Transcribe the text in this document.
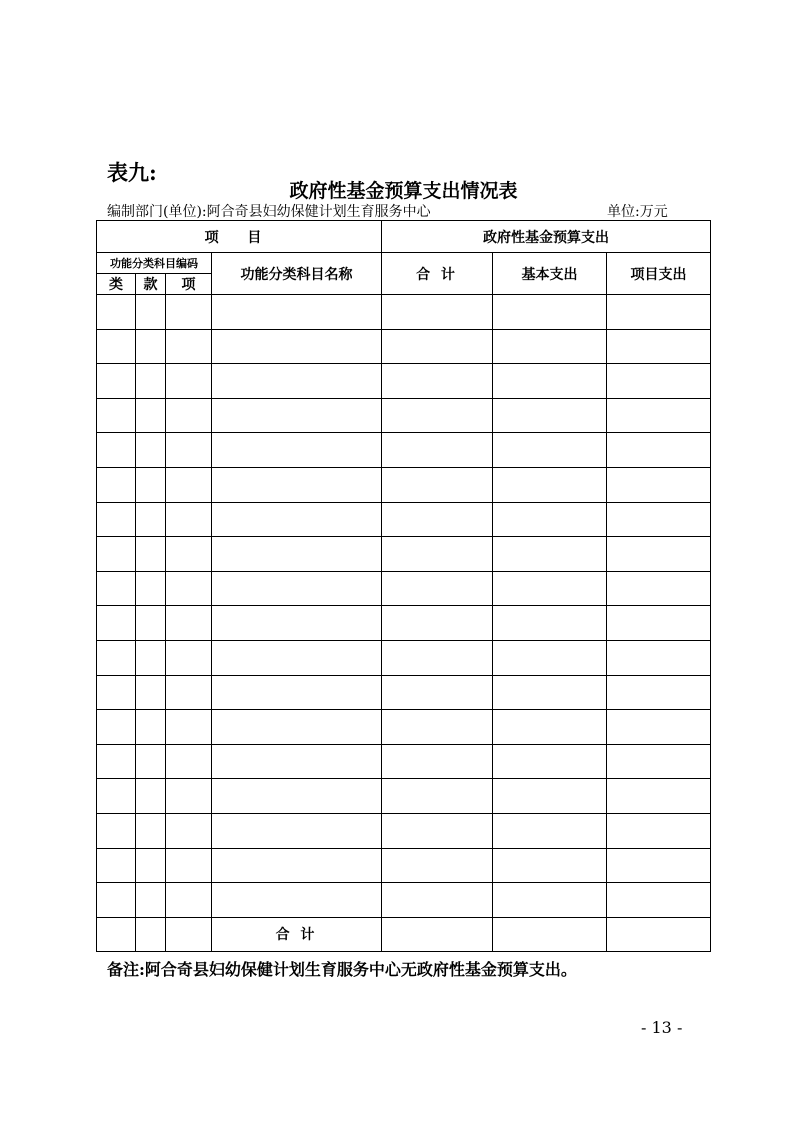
表九:
政府性基金预算支出情况表
编制部门(单位):阿合奇县妇幼保健计划生育服务中心	单位:万元
项 目				政府性基金预算支出		
功能分类科目编码			功能分类科目名称	合 计	基本支出	项目支出
类	款	项				

			合 计			
备注:阿合奇县妇幼保健计划生育服务中心无政府性基金预算支出。
- 13 -
